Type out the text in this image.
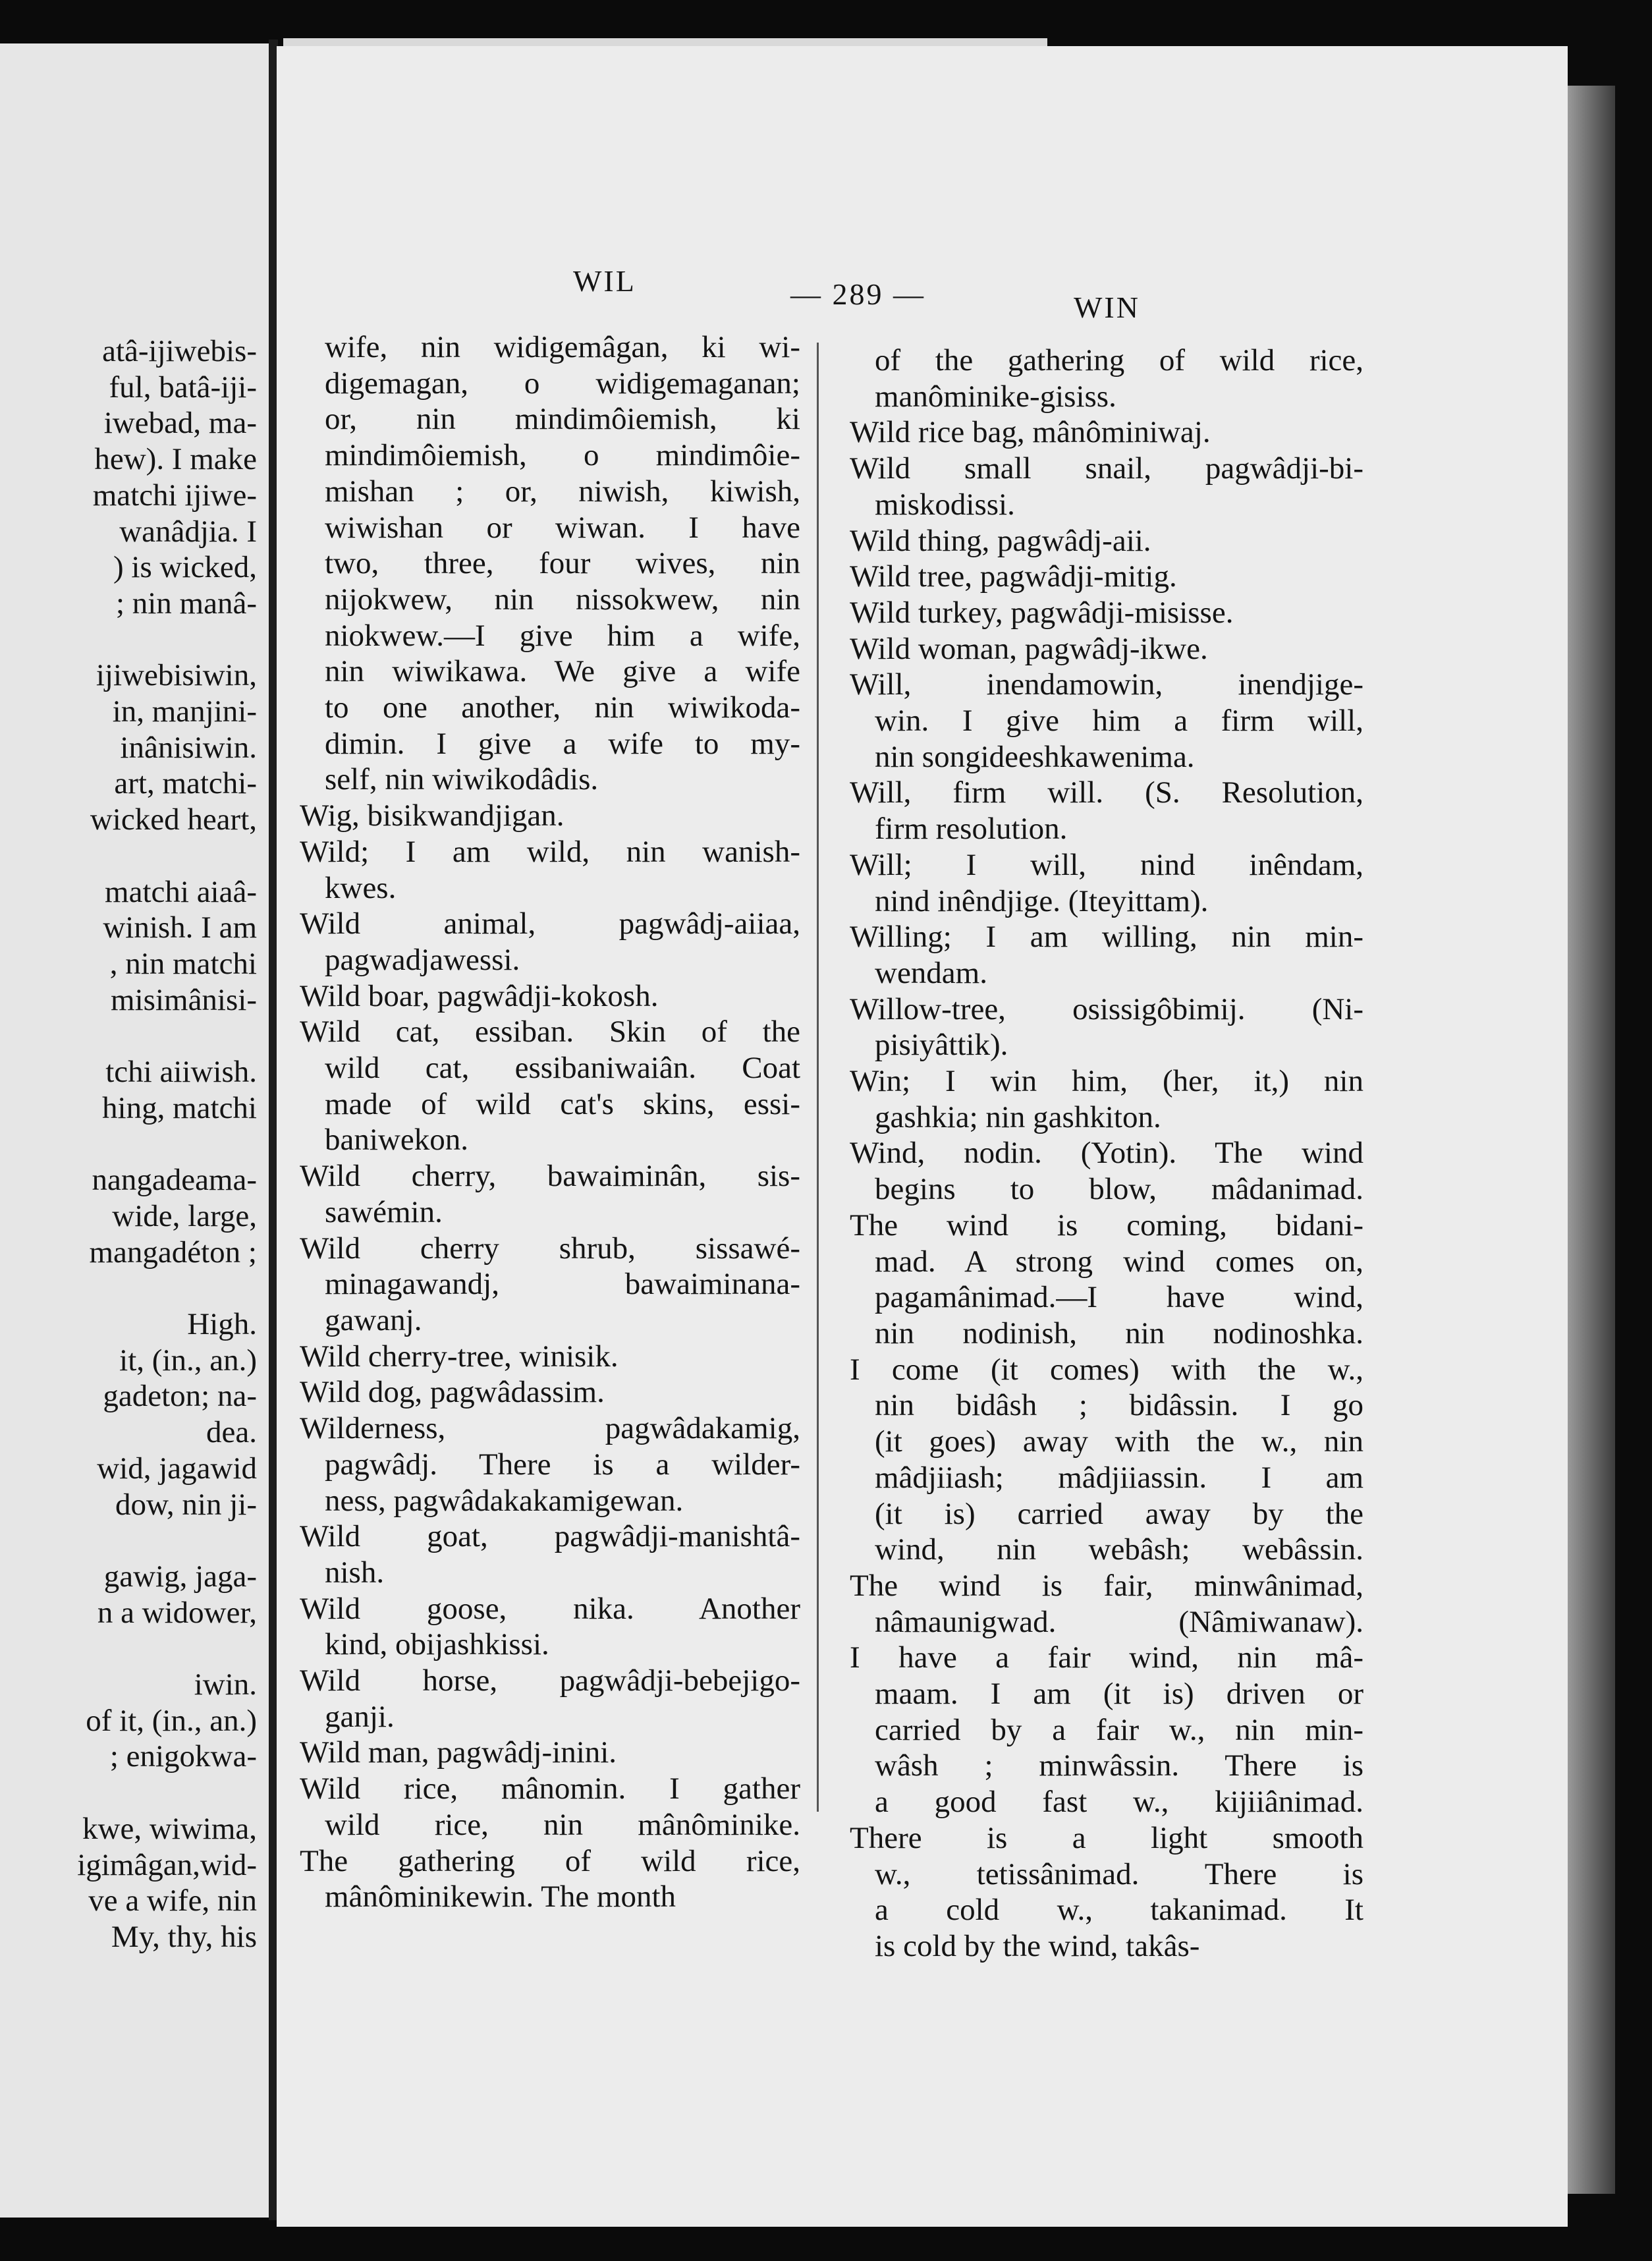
atâ-ijiwebis-
ful, batâ-iji-
iwebad, ma-
hew). I make
matchi ijiwe-
wanâdjia. I
) is wicked,
; nin manâ-

ijiwebisiwin,
in, manjini-
inânisiwin.
art, matchi-
wicked heart,

matchi aiaâ-
winish. I am
, nin matchi
misimânisi-

tchi aiiwish.
hing, matchi

nangadeama-
wide, large,
mangadéton ;

High.
it, (in., an.)
gadeton; na-
dea.
wid, jagawid
dow, nin ji-

gawig, jaga-
n a widower,

iwin.
of it, (in., an.)
; enigokwa-

kwe, wiwima,
igimâgan,wid-
ve a wife, nin
My, thy, his
WIL	— 289 —	WIN
wife, nin widigemâgan, ki wi-
digemagan, o widigemaganan;
or, nin mindimôiemish, ki
mindimôiemish, o mindimôie-
mishan ; or, niwish, kiwish,
wiwishan or wiwan. I have
two, three, four wives, nin
nijokwew, nin nissokwew, nin
niokwew.—I give him a wife,
nin wiwikawa. We give a wife
to one another, nin wiwikoda-
dimin. I give a wife to my-
self, nin wiwikodâdis.
Wig, bisikwandjigan.
Wild; I am wild, nin wanish-
kwes.
Wild animal, pagwâdj-aiiaa,
pagwadjawessi.
Wild boar, pagwâdji-kokosh.
Wild cat, essiban. Skin of the
wild cat, essibaniwaiân. Coat
made of wild cat's skins, essi-
baniwekon.
Wild cherry, bawaiminân, sis-
sawémin.
Wild cherry shrub, sissawé-
minagawandj, bawaiminana-
gawanj.
Wild cherry-tree, winisik.
Wild dog, pagwâdassim.
Wilderness, pagwâdakamig,
pagwâdj. There is a wilder-
ness, pagwâdakakamigewan.
Wild goat, pagwâdji-manishtâ-
nish.
Wild goose, nika. Another
kind, obijashkissi.
Wild horse, pagwâdji-bebejigo-
ganji.
Wild man, pagwâdj-inini.
Wild rice, mânomin. I gather
wild rice, nin mânôminike.
The gathering of wild rice,
mânôminikewin. The month
of the gathering of wild rice,
manôminike-gisiss.
Wild rice bag, mânôminiwaj.
Wild small snail, pagwâdji-bi-
miskodissi.
Wild thing, pagwâdj-aii.
Wild tree, pagwâdji-mitig.
Wild turkey, pagwâdji-misisse.
Wild woman, pagwâdj-ikwe.
Will, inendamowin, inendjige-
win. I give him a firm will,
nin songideeshkawenima.
Will, firm will. (S. Resolution,
firm resolution.
Will; I will, nind inêndam,
nind inêndjige. (Iteyittam).
Willing; I am willing, nin min-
wendam.
Willow-tree, osissigôbimij. (Ni-
pisiyâttik).
Win; I win him, (her, it,) nin
gashkia; nin gashkiton.
Wind, nodin. (Yotin). The wind
begins to blow, mâdanimad.
The wind is coming, bidani-
mad. A strong wind comes on,
pagamânimad.—I have wind,
nin nodinish, nin nodinoshka.
I come (it comes) with the w.,
nin bidâsh ; bidâssin. I go
(it goes) away with the w., nin
mâdjiiash; mâdjiiassin. I am
(it is) carried away by the
wind, nin webâsh; webâssin.
The wind is fair, minwânimad,
nâmaunigwad. (Nâmiwanaw).
I have a fair wind, nin mâ-
maam. I am (it is) driven or
carried by a fair w., nin min-
wâsh ; minwâssin. There is
a good fast w., kijiiânimad.
There is a light smooth
w., tetissânimad. There is
a cold w., takanimad. It
is cold by the wind, takâs-
